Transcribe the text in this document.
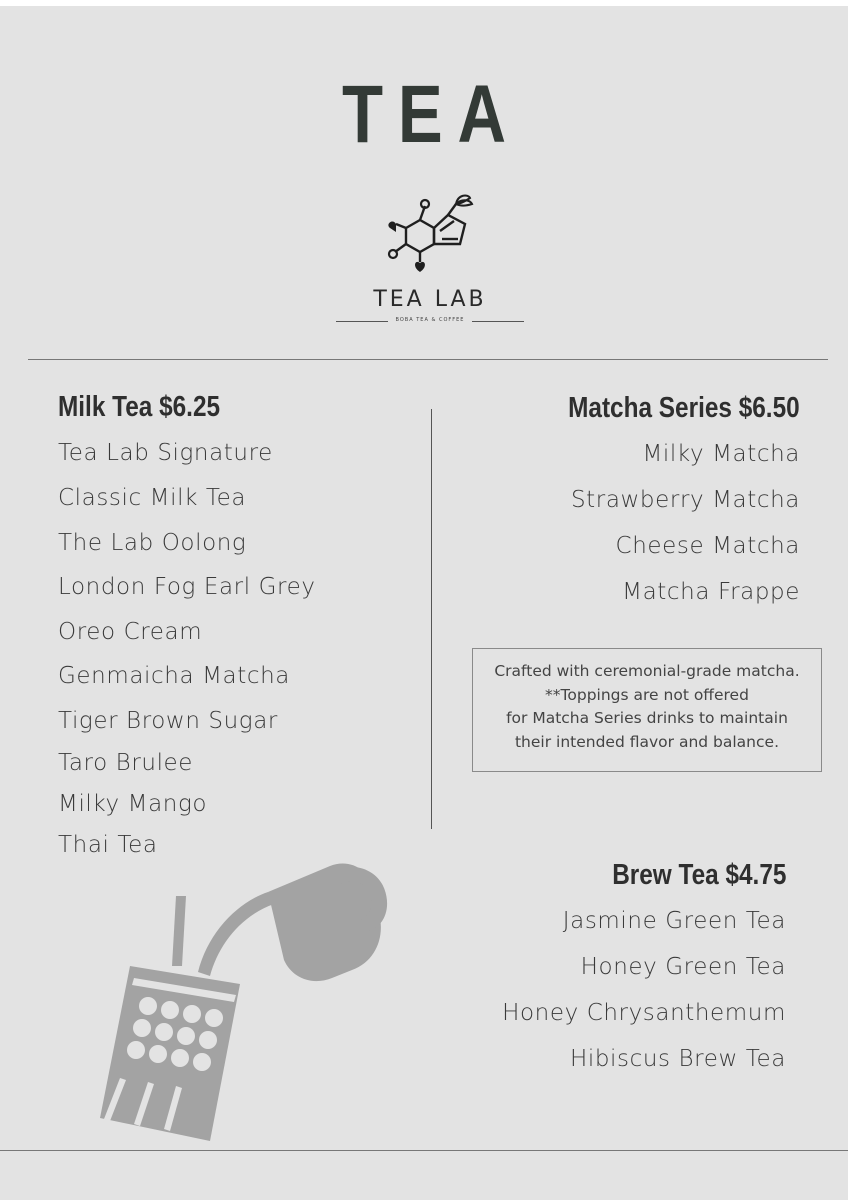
TEA
TEA LAB
BOBA TEA & COFFEE
Milk Tea $6.25
Tea Lab Signature
Classic Milk Tea
The Lab Oolong
London Fog Earl Grey
Oreo Cream
Genmaicha Matcha
Tiger Brown Sugar
Taro Brulee
Milky Mango
Thai Tea
Matcha Series $6.50
Milky Matcha
Strawberry Matcha
Cheese Matcha
Matcha Frappe
Crafted with ceremonial-grade matcha.
**Toppings are not offered
for Matcha Series drinks to maintain
their intended flavor and balance.
Brew Tea $4.75
Jasmine Green Tea
Honey Green Tea
Honey Chrysanthemum
Hibiscus Brew Tea
